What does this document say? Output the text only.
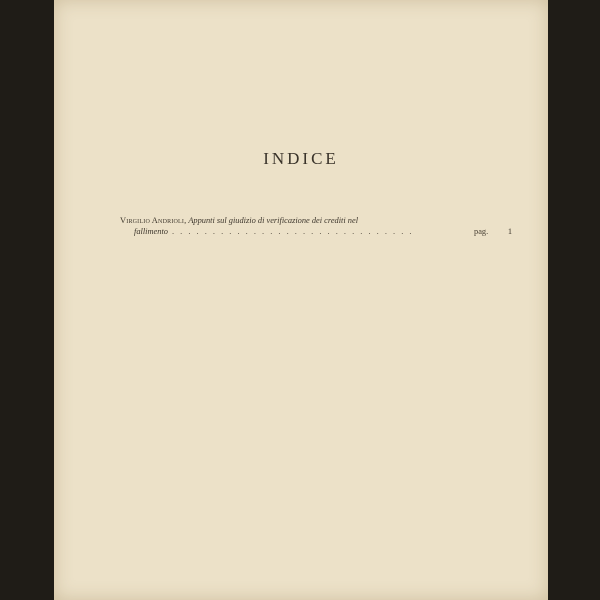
INDICE
Virgilio Andrioli, Appunti sul giudizio di verificazione dei crediti nel
fallimento
. . .	pag.	1
